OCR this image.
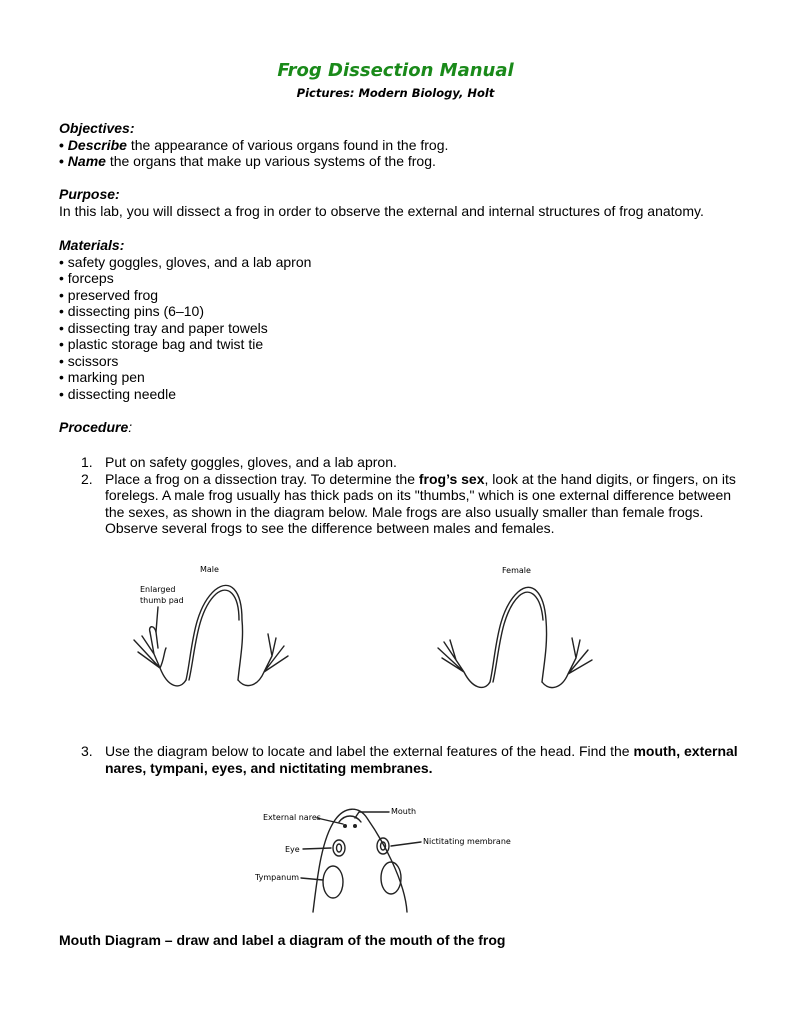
Frog Dissection Manual
Pictures: Modern Biology, Holt
Objectives:
• Describe the appearance of various organs found in the frog.
• Name the organs that make up various systems of the frog.
Purpose:
In this lab, you will dissect a frog in order to observe the external and internal structures of frog anatomy.
Materials:
• safety goggles, gloves, and a lab apron
• forceps
• preserved frog
• dissecting pins (6–10)
• dissecting tray and paper towels
• plastic storage bag and twist tie
• scissors
• marking pen
• dissecting needle
Procedure:
1. Put on safety goggles, gloves, and a lab apron.
2. Place a frog on a dissection tray. To determine the frog’s sex, look at the hand digits, or fingers, on its forelegs. A male frog usually has thick pads on its "thumbs," which is one external difference between the sexes, as shown in the diagram below. Male frogs are also usually smaller than female frogs. Observe several frogs to see the difference between males and females.
Male	Female
Enlarged
thumb pad
3. Use the diagram below to locate and label the external features of the head. Find the mouth, external nares, tympani, eyes, and nictitating membranes.
External nares
Mouth
Eye
Nictitating membrane
Tympanum
Mouth Diagram – draw and label a diagram of the mouth of the frog
